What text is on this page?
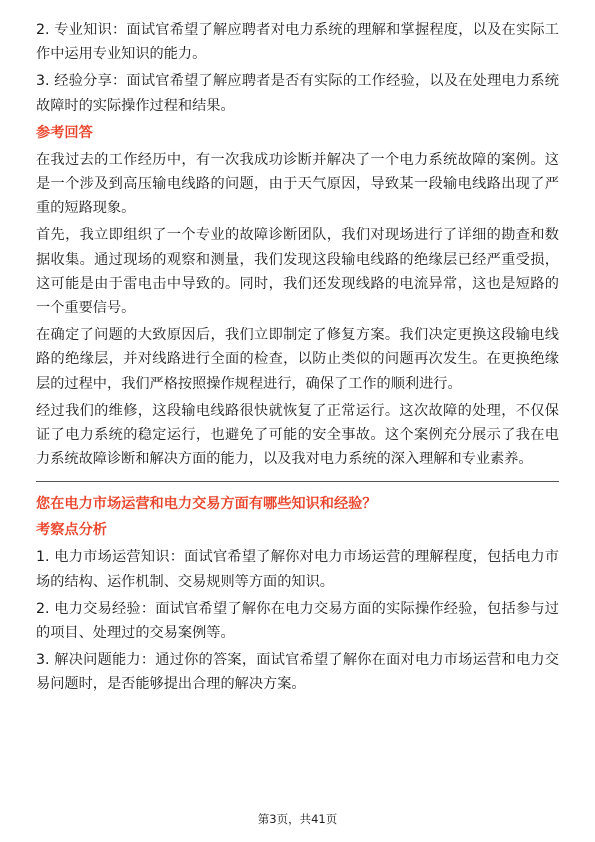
2. 专业知识：面试官希望了解应聘者对电力系统的理解和掌握程度，以及在实际工作中运用专业知识的能力。

3. 经验分享：面试官希望了解应聘者是否有实际的工作经验，以及在处理电力系统故障时的实际操作过程和结果。

参考回答

在我过去的工作经历中，有一次我成功诊断并解决了一个电力系统故障的案例。这是一个涉及到高压输电线路的问题，由于天气原因，导致某一段输电线路出现了严重的短路现象。

首先，我立即组织了一个专业的故障诊断团队，我们对现场进行了详细的勘查和数据收集。通过现场的观察和测量，我们发现这段输电线路的绝缘层已经严重受损，这可能是由于雷电击中导致的。同时，我们还发现线路的电流异常，这也是短路的一个重要信号。

在确定了问题的大致原因后，我们立即制定了修复方案。我们决定更换这段输电线路的绝缘层，并对线路进行全面的检查，以防止类似的问题再次发生。在更换绝缘层的过程中，我们严格按照操作规程进行，确保了工作的顺利进行。

经过我们的维修，这段输电线路很快就恢复了正常运行。这次故障的处理，不仅保证了电力系统的稳定运行，也避免了可能的安全事故。这个案例充分展示了我在电力系统故障诊断和解决方面的能力，以及我对电力系统的深入理解和专业素养。

您在电力市场运营和电力交易方面有哪些知识和经验？
考察点分析

1. 电力市场运营知识：面试官希望了解你对电力市场运营的理解程度，包括电力市场的结构、运作机制、交易规则等方面的知识。

2. 电力交易经验：面试官希望了解你在电力交易方面的实际操作经验，包括参与过的项目、处理过的交易案例等。

3. 解决问题能力：通过你的答案，面试官希望了解你在面对电力市场运营和电力交易问题时，是否能够提出合理的解决方案。

第3页，共41页
